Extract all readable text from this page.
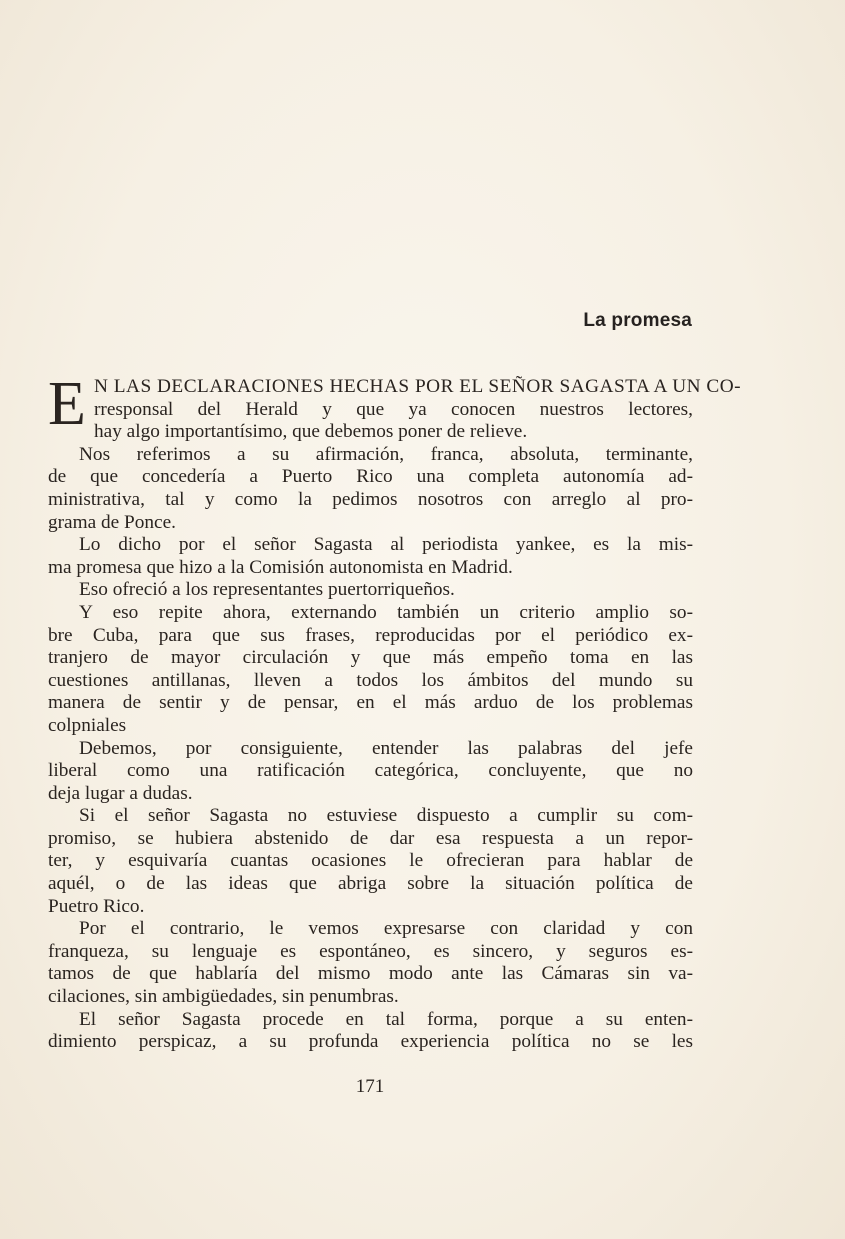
La promesa
E N LAS DECLARACIONES HECHAS POR EL SEÑOR SAGASTA A UN CO-
rresponsal del Herald y que ya conocen nuestros lectores,
hay algo importantísimo, que debemos poner de relieve.
Nos referimos a su afirmación, franca, absoluta, terminante,
de que concedería a Puerto Rico una completa autonomía ad-
ministrativa, tal y como la pedimos nosotros con arreglo al pro-
grama de Ponce.
Lo dicho por el señor Sagasta al periodista yankee, es la mis-
ma promesa que hizo a la Comisión autonomista en Madrid.
Eso ofreció a los representantes puertorriqueños.
Y eso repite ahora, externando también un criterio amplio so-
bre Cuba, para que sus frases, reproducidas por el periódico ex-
tranjero de mayor circulación y que más empeño toma en las
cuestiones antillanas, lleven a todos los ámbitos del mundo su
manera de sentir y de pensar, en el más arduo de los problemas
colpniales
Debemos, por consiguiente, entender las palabras del jefe
liberal como una ratificación categórica, concluyente, que no
deja lugar a dudas.
Si el señor Sagasta no estuviese dispuesto a cumplir su com-
promiso, se hubiera abstenido de dar esa respuesta a un repor-
ter, y esquivaría cuantas ocasiones le ofrecieran para hablar de
aquél, o de las ideas que abriga sobre la situación política de
Puetro Rico.
Por el contrario, le vemos expresarse con claridad y con
franqueza, su lenguaje es espontáneo, es sincero, y seguros es-
tamos de que hablaría del mismo modo ante las Cámaras sin va-
cilaciones, sin ambigüedades, sin penumbras.
El señor Sagasta procede en tal forma, porque a su enten-
dimiento perspicaz, a su profunda experiencia política no se les
171
